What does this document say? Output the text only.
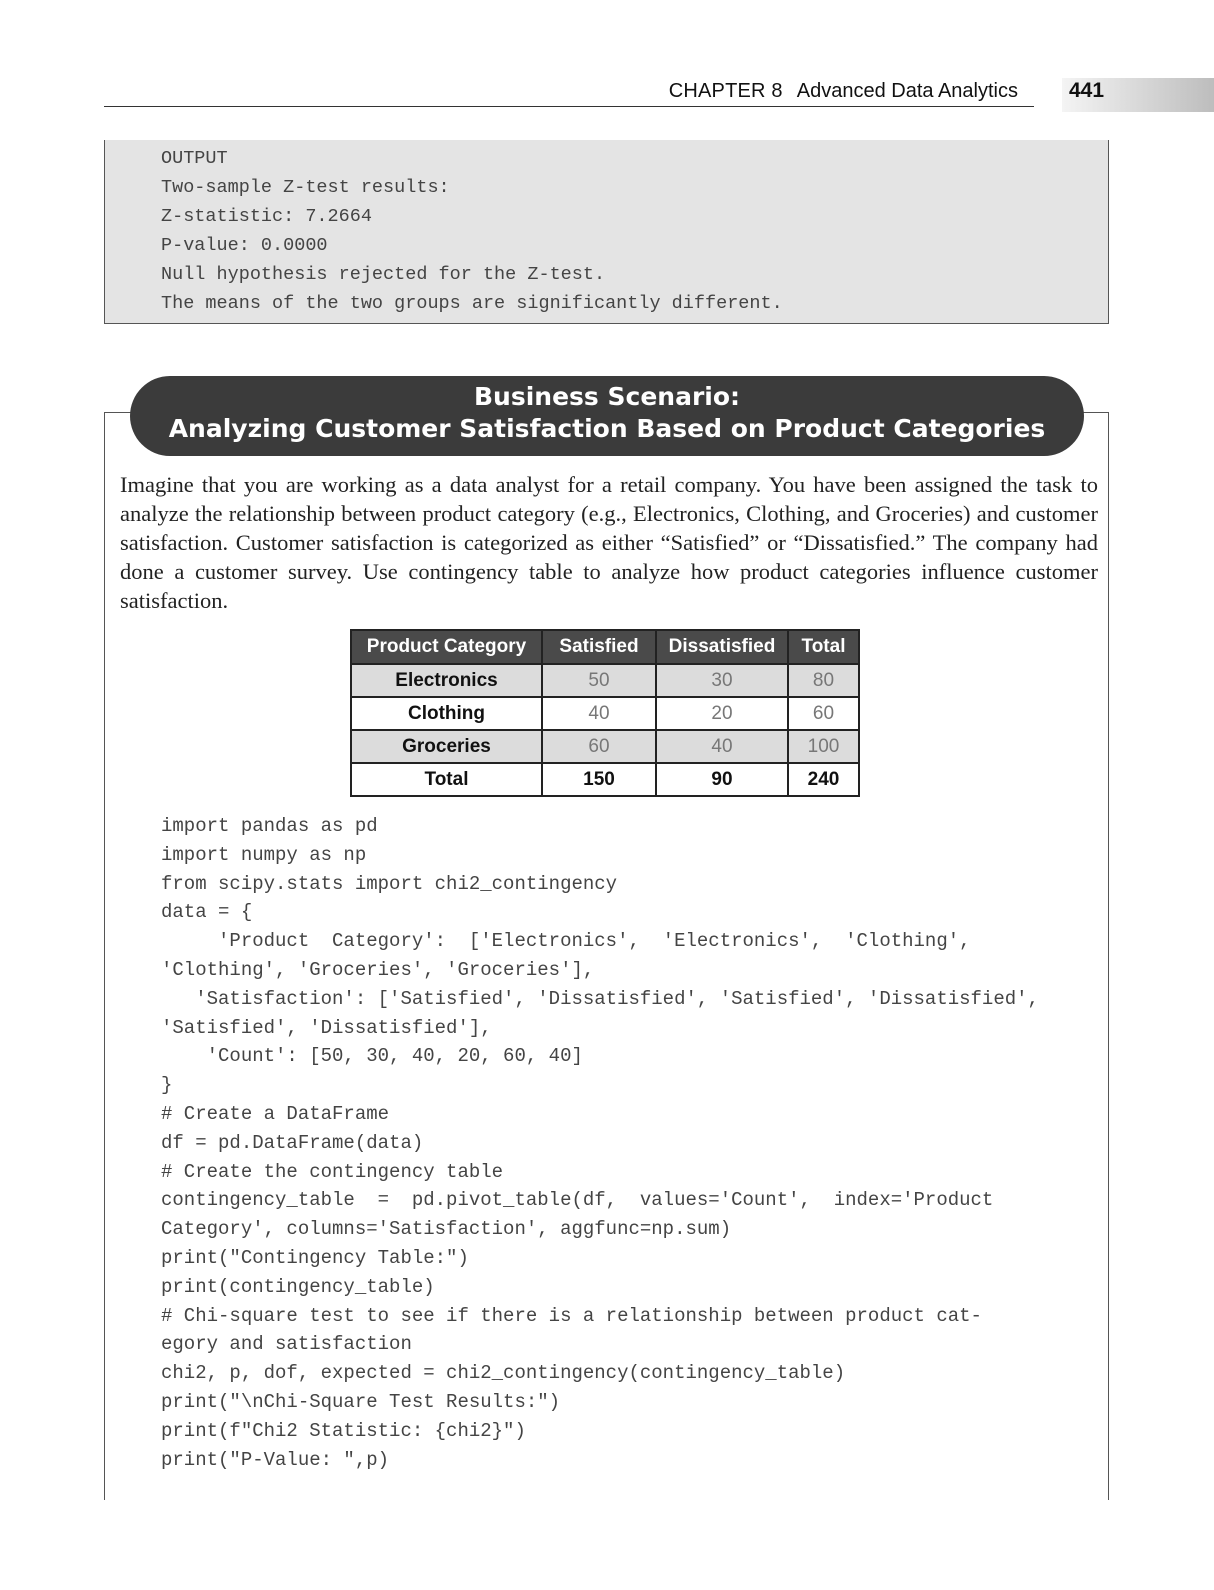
CHAPTER 8 Advanced Data Analytics 441
OUTPUT
Two-sample Z-test results:
Z-statistic: 7.2664
P-value: 0.0000
Null hypothesis rejected for the Z-test.
The means of the two groups are significantly different.
Business Scenario:
Analyzing Customer Satisfaction Based on Product Categories
Imagine that you are working as a data analyst for a retail company. You have been assigned the task to analyze the relationship between product category (e.g., Electronics, Clothing, and Groceries) and customer satisfaction. Customer satisfaction is categorized as either “Satisfied” or “Dissatisfied.” The company had done a customer survey. Use contingency table to analyze how product categories influence customer satisfaction.
Product Category	Satisfied	Dissatisfied	Total
Electronics	50	30	80
Clothing	40	20	60
Groceries	60	40	100
Total	150	90	240
import pandas as pd
import numpy as np
from scipy.stats import chi2_contingency
data = {
'Product  Category':  ['Electronics',  'Electronics',  'Clothing',
'Clothing', 'Groceries', 'Groceries'],
'Satisfaction': ['Satisfied', 'Dissatisfied', 'Satisfied', 'Dissatisfied',
'Satisfied', 'Dissatisfied'],
'Count': [50, 30, 40, 20, 60, 40]
}
# Create a DataFrame
df = pd.DataFrame(data)
# Create the contingency table
contingency_table  =  pd.pivot_table(df,  values='Count',  index='Product
Category', columns='Satisfaction', aggfunc=np.sum)
print("Contingency Table:")
print(contingency_table)
# Chi-square test to see if there is a relationship between product cat-
egory and satisfaction
chi2, p, dof, expected = chi2_contingency(contingency_table)
print("\nChi-Square Test Results:")
print(f"Chi2 Statistic: {chi2}")
print("P-Value: ",p)
